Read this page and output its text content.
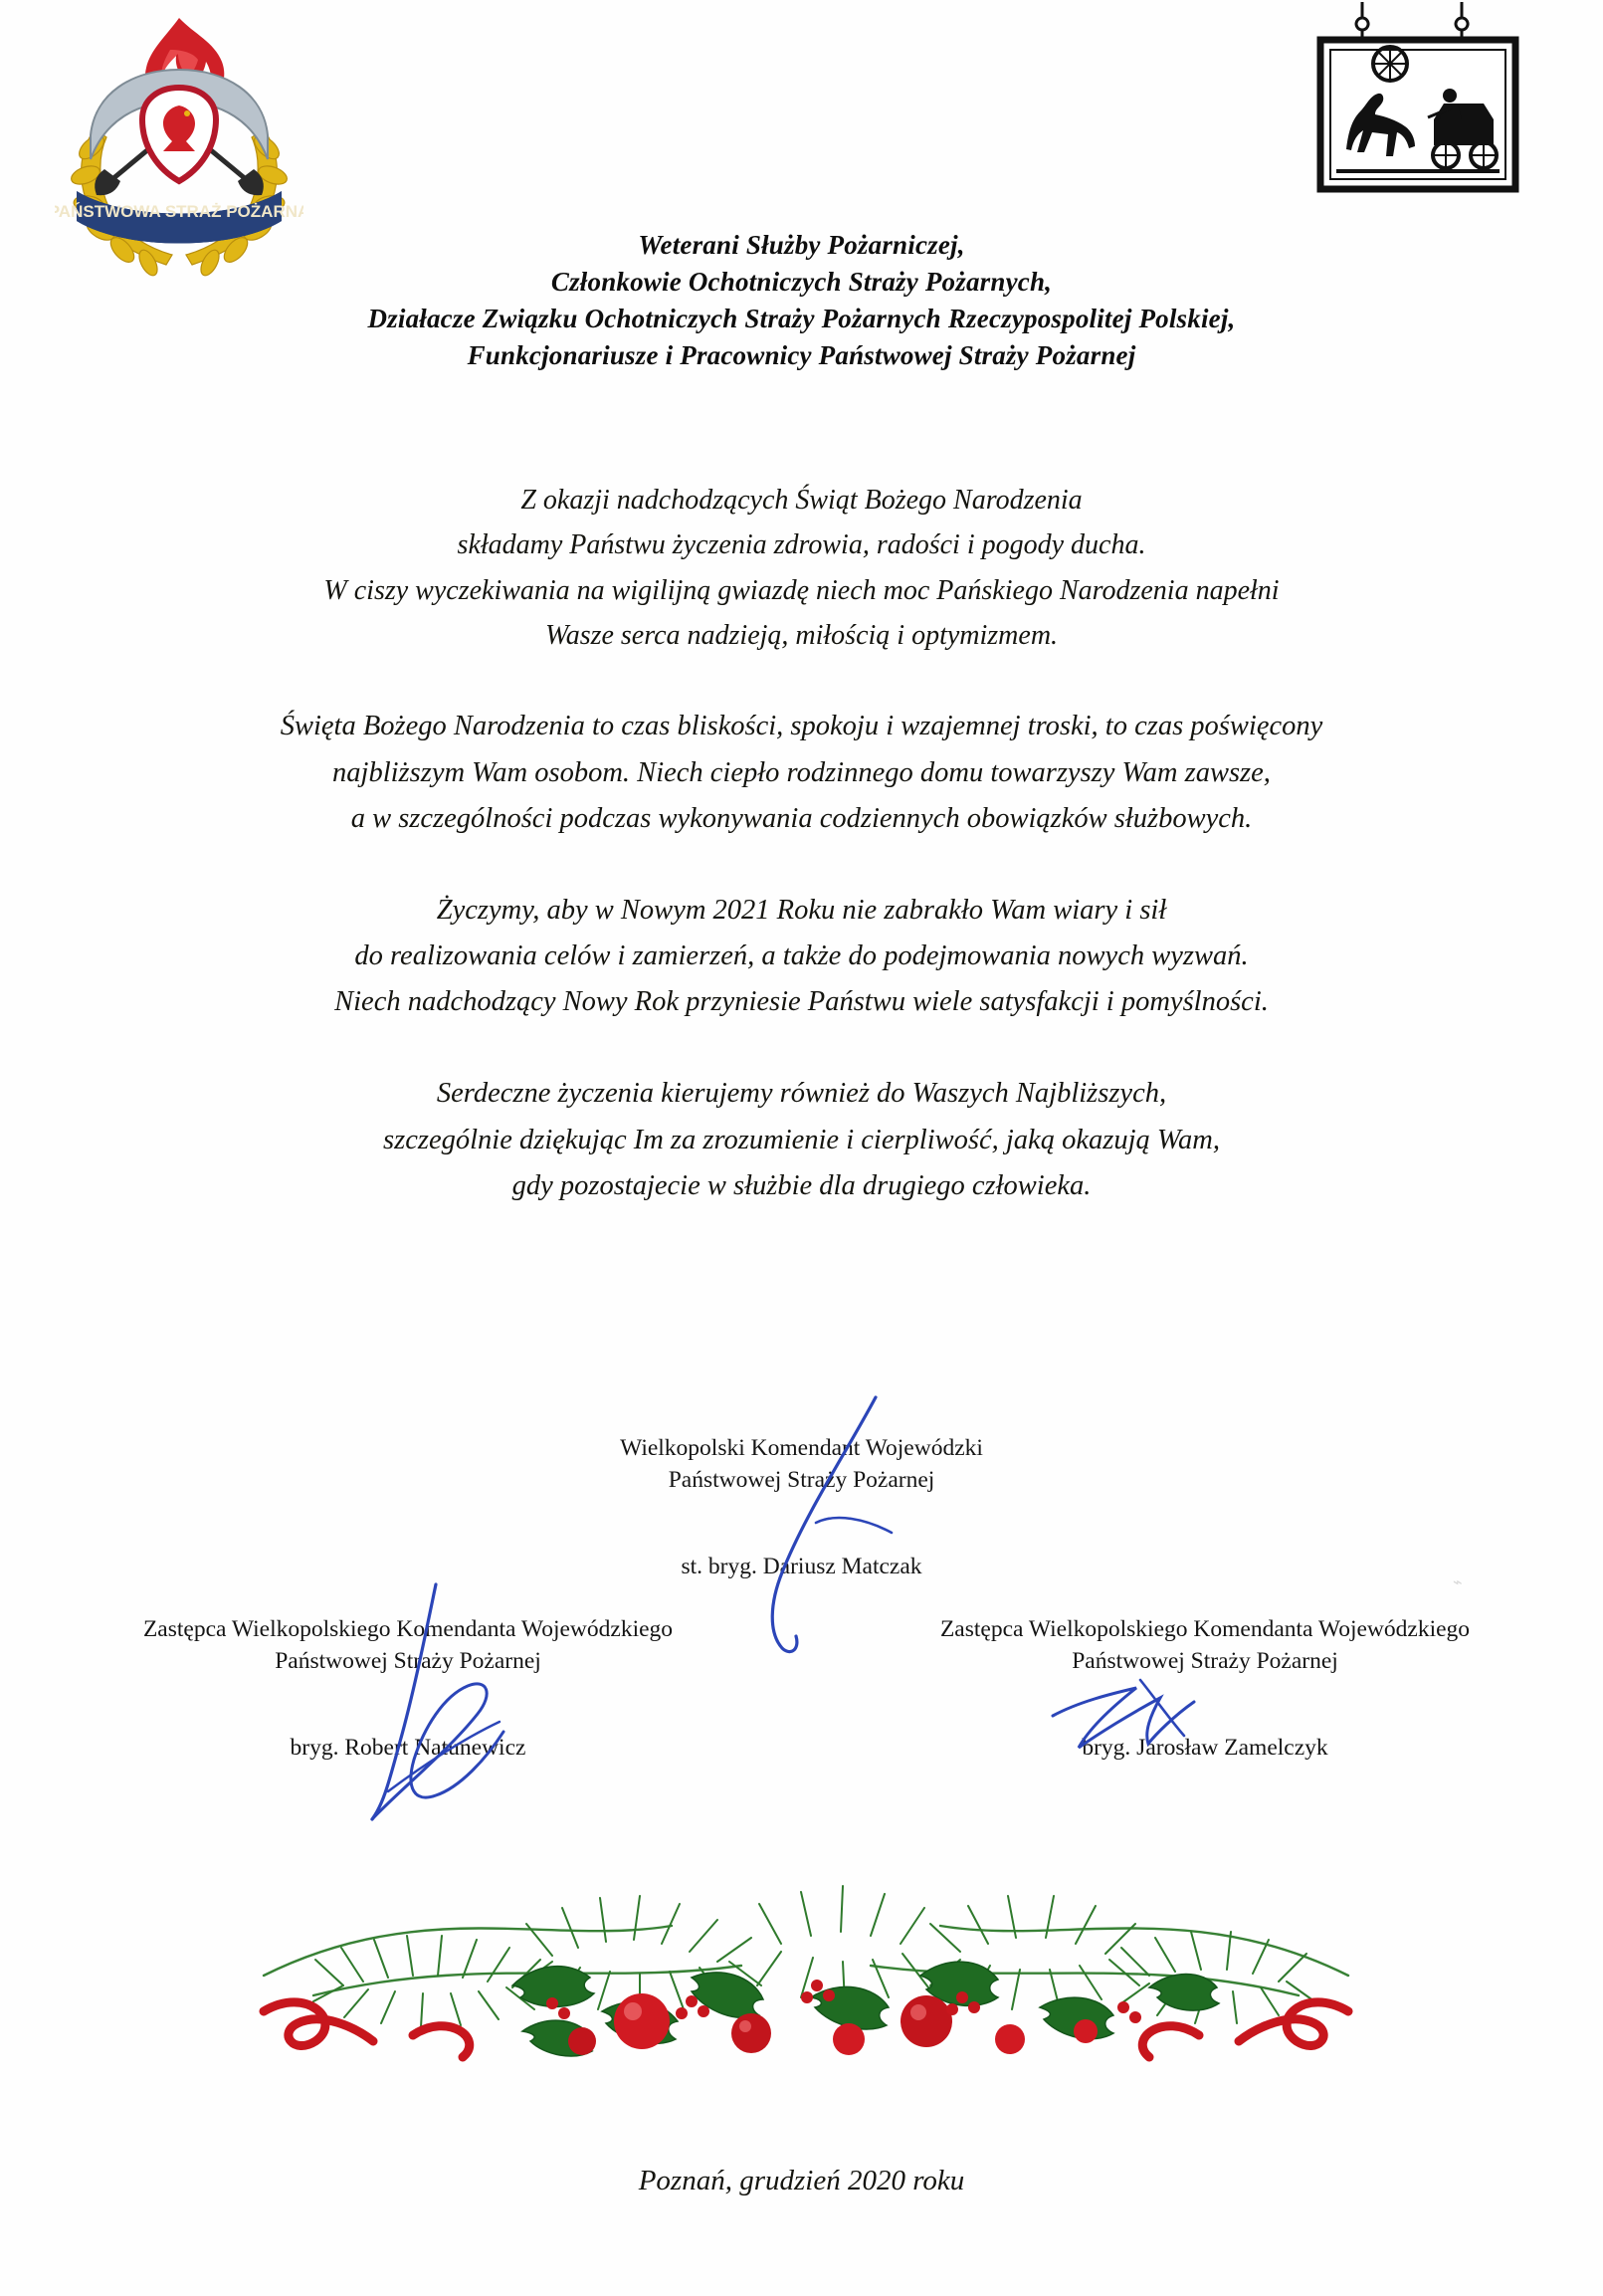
PAŃSTWOWA STRAŻ POŻARNA
Weterani Służby Pożarniczej,
Członkowie Ochotniczych Straży Pożarnych,
Działacze Związku Ochotniczych Straży Pożarnych Rzeczypospolitej Polskiej,
Funkcjonariusze i Pracownicy Państwowej Straży Pożarnej
Z okazji nadchodzących Świąt Bożego Narodzenia
składamy Państwu życzenia zdrowia, radości i pogody ducha.
W ciszy wyczekiwania na wigilijną gwiazdę niech moc Pańskiego Narodzenia napełni
Wasze serca nadzieją, miłością i optymizmem.
Święta Bożego Narodzenia to czas bliskości, spokoju i wzajemnej troski, to czas poświęcony
najbliższym Wam osobom. Niech ciepło rodzinnego domu towarzyszy Wam zawsze,
a w szczególności podczas wykonywania codziennych obowiązków służbowych.
Życzymy, aby w Nowym 2021 Roku nie zabrakło Wam wiary i sił
do realizowania celów i zamierzeń, a także do podejmowania nowych wyzwań.
Niech nadchodzący Nowy Rok przyniesie Państwu wiele satysfakcji i pomyślności.
Serdeczne życzenia kierujemy również do Waszych Najbliższych,
szczególnie dziękując Im za zrozumienie i cierpliwość, jaką okazują Wam,
gdy pozostajecie w służbie dla drugiego człowieka.
Wielkopolski Komendant Wojewódzki
Państwowej Straży Pożarnej
st. bryg. Dariusz Matczak
Zastępca Wielkopolskiego Komendanta Wojewódzkiego
Państwowej Straży Pożarnej
bryg. Robert Natunewicz
Zastępca Wielkopolskiego Komendanta Wojewódzkiego
Państwowej Straży Pożarnej
bryg. Jarosław Zamelczyk
⌁
Poznań, grudzień 2020 roku
